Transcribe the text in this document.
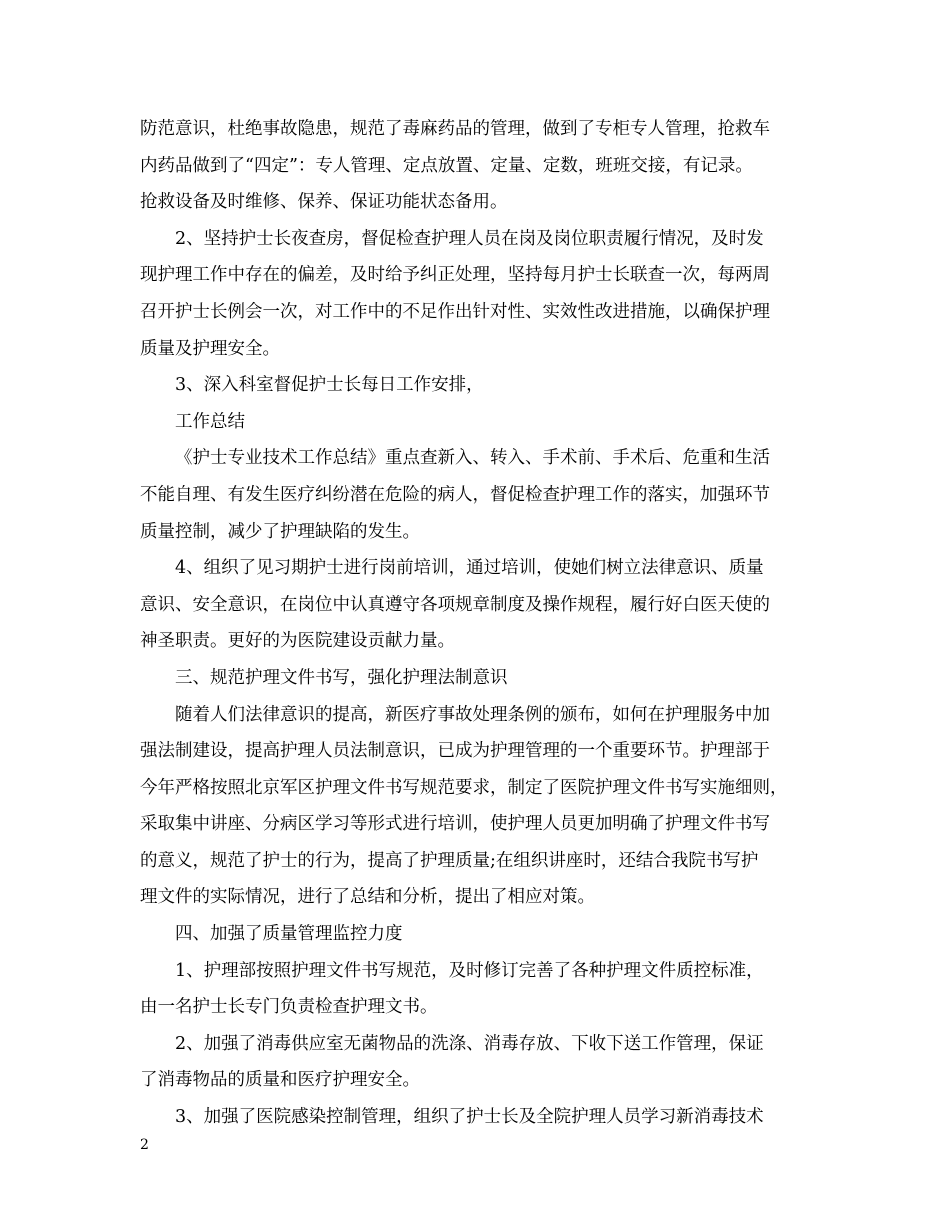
防范意识，杜绝事故隐患，规范了毒麻药品的管理，做到了专柜专人管理，抢救车
内药品做到了“四定”：专人管理、定点放置、定量、定数，班班交接，有记录。
抢救设备及时维修、保养、保证功能状态备用。
2、坚持护士长夜查房，督促检查护理人员在岗及岗位职责履行情况，及时发
现护理工作中存在的偏差，及时给予纠正处理，坚持每月护士长联查一次，每两周
召开护士长例会一次，对工作中的不足作出针对性、实效性改进措施，以确保护理
质量及护理安全。
3、深入科室督促护士长每日工作安排，
工作总结
《护士专业技术工作总结》重点查新入、转入、手术前、手术后、危重和生活
不能自理、有发生医疗纠纷潜在危险的病人，督促检查护理工作的落实，加强环节
质量控制，减少了护理缺陷的发生。
4、组织了见习期护士进行岗前培训，通过培训，使她们树立法律意识、质量
意识、安全意识，在岗位中认真遵守各项规章制度及操作规程，履行好白医天使的
神圣职责。更好的为医院建设贡献力量。
三、规范护理文件书写，强化护理法制意识
随着人们法律意识的提高，新医疗事故处理条例的颁布，如何在护理服务中加
强法制建设，提高护理人员法制意识，已成为护理管理的一个重要环节。护理部于
今年严格按照北京军区护理文件书写规范要求，制定了医院护理文件书写实施细则，
采取集中讲座、分病区学习等形式进行培训，使护理人员更加明确了护理文件书写
的意义，规范了护士的行为，提高了护理质量;在组织讲座时，还结合我院书写护
理文件的实际情况，进行了总结和分析，提出了相应对策。
四、加强了质量管理监控力度
1、护理部按照护理文件书写规范，及时修订完善了各种护理文件质控标准，
由一名护士长专门负责检查护理文书。
2、加强了消毒供应室无菌物品的洗涤、消毒存放、下收下送工作管理，保证
了消毒物品的质量和医疗护理安全。
3、加强了医院感染控制管理，组织了护士长及全院护理人员学习新消毒技术

2
